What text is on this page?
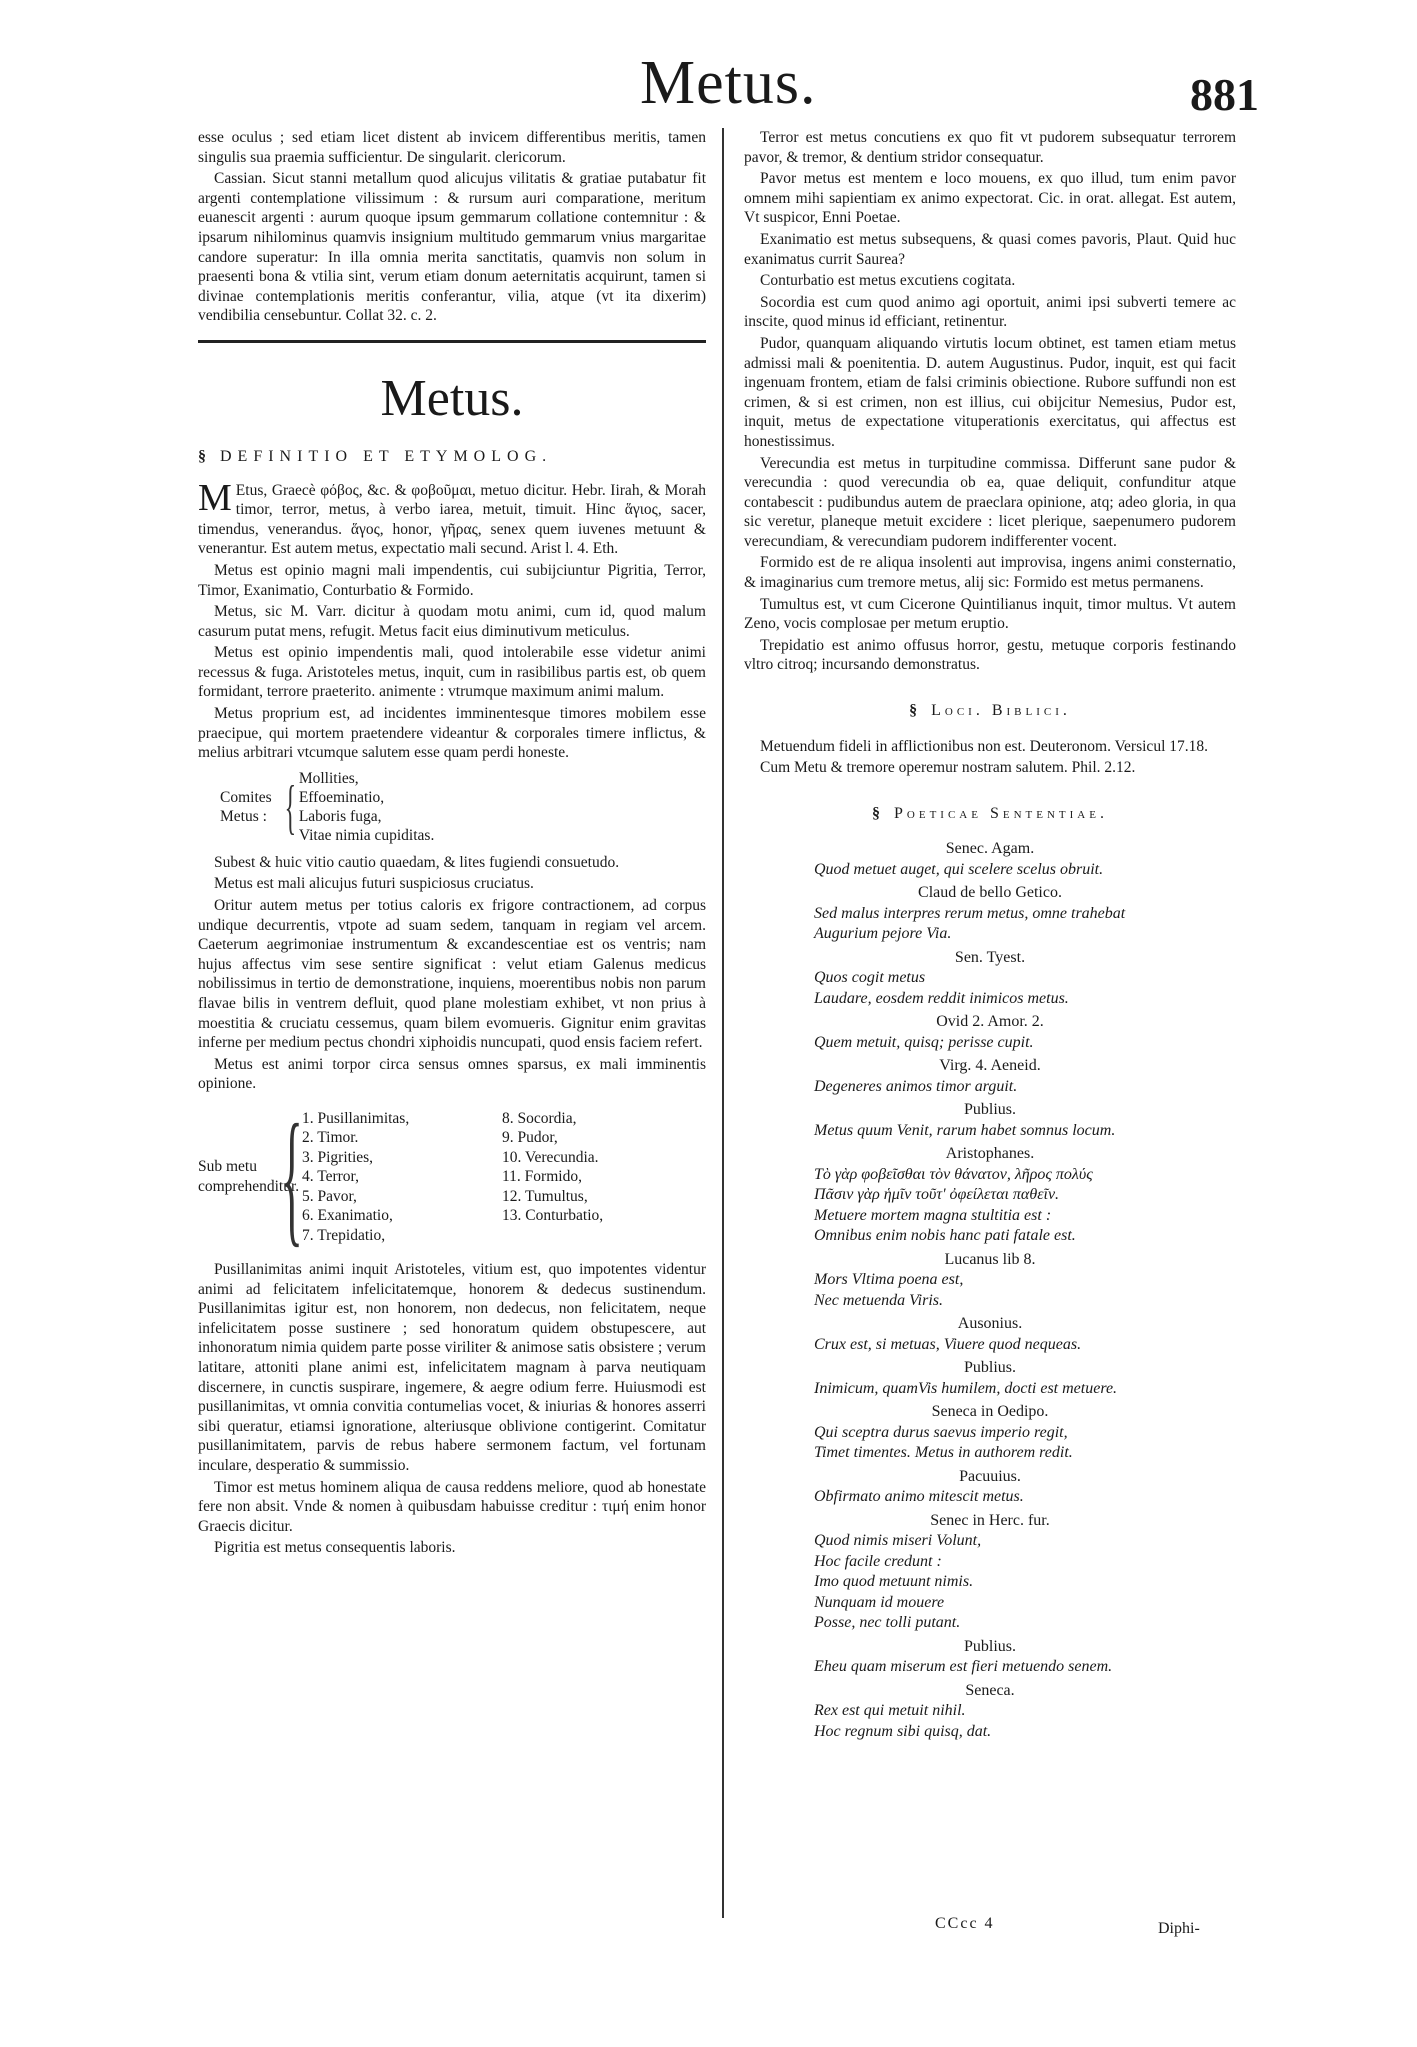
Metus.	881

esse oculus ; sed etiam licet distent ab invicem differentibus meritis, tamen singulis sua praemia sufficientur. De singularit. clericorum.

Cassian. Sicut stanni metallum quod alicujus vilitatis & gratiae putabatur fit argenti contemplatione vilissimum : & rursum auri comparatione, meritum euanescit argenti : aurum quoque ipsum gemmarum collatione contemnitur : & ipsarum nihilominus quamvis insignium multitudo gemmarum vnius margaritae candore superatur: In illa omnia merita sanctitatis, quamvis non solum in praesenti bona & vtilia sint, verum etiam donum aeternitatis acquirunt, tamen si divinae contemplationis meritis conferantur, vilia, atque (vt ita dixerim) vendibilia censebuntur. Collat 32. c. 2.

Metus.
§ DEFINITIO ET ETYMOLOG.

M Etus, Graecè φόβος, &c. & φοβοῦμαι, metuo dicitur. Hebr. Iirah, & Morah timor, terror, metus, à verbo iarea, metuit, timuit. Hinc ἅγιος, sacer, timendus, venerandus. ἅγος, honor, γῆρας, senex quem iuvenes metuunt & venerantur. Est autem metus, expectatio mali secund. Arist l. 4. Eth.

Metus est opinio magni mali impendentis, cui subijciuntur Pigritia, Terror, Timor, Exanimatio, Conturbatio & Formido.

Metus, sic M. Varr. dicitur à quodam motu animi, cum id, quod malum casurum putat mens, refugit. Metus facit eius diminutivum meticulus.

Metus est opinio impendentis mali, quod intolerabile esse videtur animi recessus & fuga. Aristoteles metus, inquit, cum in rasibilibus partis est, ob quem formidant, terrore praeterito. animente : vtrumque maximum animi malum.

Metus proprium est, ad incidentes imminentesque timores mobilem esse praecipue, qui mortem praetendere videantur & corporales timere inflictus, & melius arbitrari vtcumque salutem esse quam perdi honeste.

Comites Metus : { Mollities,
Effoeminatio,
Laboris fuga,
Vitae nimia cupiditas.

Subest & huic vitio cautio quaedam, & lites fugiendi consuetudo.

Metus est mali alicujus futuri suspiciosus cruciatus.

Oritur autem metus per totius caloris ex frigore contractionem, ad corpus undique decurrentis, vtpote ad suam sedem, tanquam in regiam vel arcem. Caeterum aegrimoniae instrumentum & excandescentiae est os ventris; nam hujus affectus vim sese sentire significat : velut etiam Galenus medicus nobilissimus in tertio de demonstratione, inquiens, moerentibus nobis non parum flavae bilis in ventrem defluit, quod plane molestiam exhibet, vt non prius à moestitia & cruciatu cessemus, quam bilem evomueris. Gignitur enim gravitas inferne per medium pectus chondri xiphoidis nuncupati, quod ensis faciem refert.

Metus est animi torpor circa sensus omnes sparsus, ex mali imminentis opinione.

Sub metu comprehenditur.
{ 1. Pusillanimitas,	8. Socordia,
2. Timor.	9. Pudor,
3. Pigrities,	10. Verecundia.
4. Terror,	11. Formido,
5. Pavor,	12. Tumultus,
6. Exanimatio,	13. Conturbatio,
7. Trepidatio,

Pusillanimitas animi inquit Aristoteles, vitium est, quo impotentes videntur animi ad felicitatem infelicitatemque, honorem & dedecus sustinendum. Pusillanimitas igitur est, non honorem, non dedecus, non felicitatem, neque infelicitatem posse sustinere ; sed honoratum quidem obstupescere, aut inhonoratum nimia quidem parte posse viriliter & animose satis obsistere ; verum latitare, attoniti plane animi est, infelicitatem magnam à parva neutiquam discernere, in cunctis suspirare, ingemere, & aegre odium ferre. Huiusmodi est pusillanimitas, vt omnia convitia contumelias vocet, & iniurias & honores asserri sibi queratur, etiamsi ignoratione, alteriusque oblivione contigerint. Comitatur pusillanimitatem, parvis de rebus habere sermonem factum, vel fortunam inculare, desperatio & summissio.

Timor est metus hominem aliqua de causa reddens meliore, quod ab honestate fere non absit. Vnde & nomen à quibusdam habuisse creditur : τιμή enim honor Graecis dicitur.

Pigritia est metus consequentis laboris.

Terror est metus concutiens ex quo fit vt pudorem subsequatur terrorem pavor, & tremor, & dentium stridor consequatur.

Pavor metus est mentem e loco mouens, ex quo illud, tum enim pavor omnem mihi sapientiam ex animo expectorat. Cic. in orat. allegat. Est autem, Vt suspicor, Enni Poetae.

Exanimatio est metus subsequens, & quasi comes pavoris, Plaut. Quid huc exanimatus currit Saurea?

Conturbatio est metus excutiens cogitata.

Socordia est cum quod animo agi oportuit, animi ipsi subverti temere ac inscite, quod minus id efficiant, retinentur.

Pudor, quanquam aliquando virtutis locum obtinet, est tamen etiam metus admissi mali & poenitentia. D. autem Augustinus. Pudor, inquit, est qui facit ingenuam frontem, etiam de falsi criminis obiectione. Rubore suffundi non est crimen, & si est crimen, non est illius, cui obijcitur Nemesius, Pudor est, inquit, metus de expectatione vituperationis exercitatus, qui affectus est honestissimus.

Verecundia est metus in turpitudine commissa. Differunt sane pudor & verecundia : quod verecundia ob ea, quae deliquit, confunditur atque contabescit : pudibundus autem de praeclara opinione, atq; adeo gloria, in qua sic veretur, planeque metuit excidere : licet plerique, saepenumero pudorem verecundiam, & verecundiam pudorem indifferenter vocent.

Formido est de re aliqua insolenti aut improvisa, ingens animi consternatio, & imaginarius cum tremore metus, alij sic: Formido est metus permanens.

Tumultus est, vt cum Cicerone Quintilianus inquit, timor multus. Vt autem Zeno, vocis complosae per metum eruptio.

Trepidatio est animo offusus horror, gestu, metuque corporis festinando vltro citroq; incursando demonstratus.

§ Loci. Biblici.

Metuendum fideli in afflictionibus non est. Deuteronom. Versicul 17.18.

Cum Metu & tremore operemur nostram salutem. Phil. 2.12.

§ Poeticae Sententiae.
Senec. Agam.
Quod metuet auget, qui scelere scelus obruit.
Claud de bello Getico.
Sed malus interpres rerum metus, omne trahebat
Augurium pejore Via.
Sen. Tyest.
Quos cogit metus
Laudare, eosdem reddit inimicos metus.
Ovid 2. Amor. 2.
Quem metuit, quisq; perisse cupit.
Virg. 4. Aeneid.
Degeneres animos timor arguit.
Publius.
Metus quum Venit, rarum habet somnus locum.
Aristophanes.
Τὸ γὰρ φοβεῖσθαι τὸν θάνατον, λῆρος πολύς
Πᾶσιν γὰρ ἡμῖν τοῦτ' ὀφείλεται παθεῖν.
Metuere mortem magna stultitia est :
Omnibus enim nobis hanc pati fatale est.
Lucanus lib 8.
Mors Vltima poena est,
Nec metuenda Viris.
Ausonius.
Crux est, si metuas, Viuere quod nequeas.
Publius.
Inimicum, quamVis humilem, docti est metuere.
Seneca in Oedipo.
Qui sceptra durus saevus imperio regit,
Timet timentes. Metus in authorem redit.
Pacuuius.
Obfirmato animo mitescit metus.
Senec in Herc. fur.
Quod nimis miseri Volunt,
Hoc facile credunt :
Imo quod metuunt nimis.
Nunquam id mouere
Posse, nec tolli putant.
Publius.
Eheu quam miserum est fieri metuendo senem.
Seneca.
Rex est qui metuit nihil.
Hoc regnum sibi quisq, dat.
CCcc 4	Diphi-
